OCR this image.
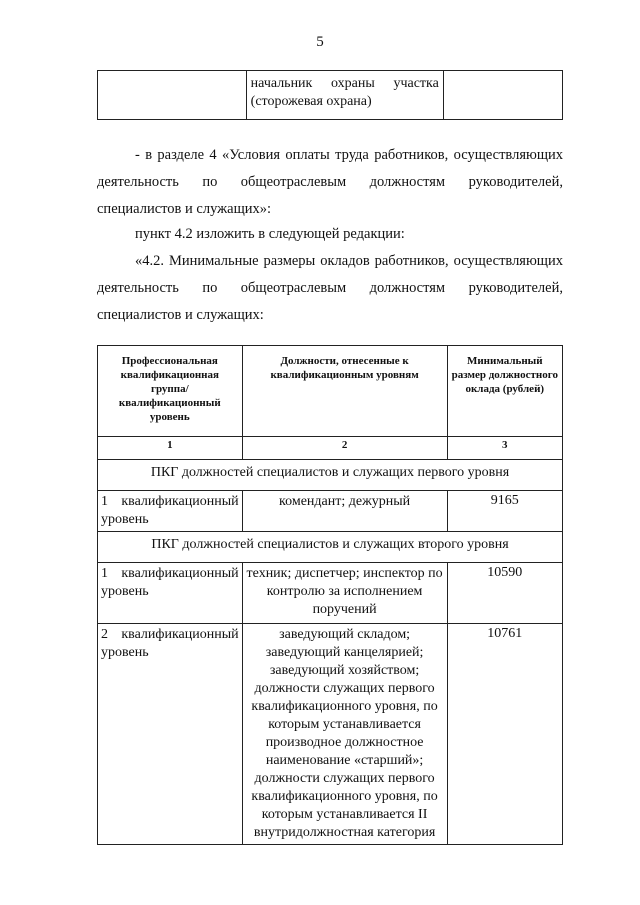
5

начальник охраны участка
(сторожевая охрана)	
- в разделе 4 «Условия оплаты труда работников, осуществляющих
деятельность по общеотраслевым должностям руководителей,
специалистов и служащих»:
пункт 4.2 изложить в следующей редакции:
«4.2. Минимальные размеры окладов работников, осуществляющих
деятельность по общеотраслевым должностям руководителей,
специалистов и служащих:
Профессиональная квалификационная группа/ квалификационный уровень	Должности, отнесенные к квалификационным уровням	Минимальный размер должностного оклада (рублей)
1	2	3
ПКГ должностей специалистов и служащих первого уровня		

1 квалификационный
уровень	комендант; дежурный	9165
ПКГ должностей специалистов и служащих второго уровня		

1 квалификационный
уровень	техник; диспетчер; инспектор по контролю за исполнением поручений	10590

2 квалификационный
уровень	заведующий складом; заведующий канцелярией; заведующий хозяйством; должности служащих первого квалификационного уровня, по которым устанавливается производное должностное наименование «старший»; должности служащих первого квалификационного уровня, по которым устанавливается II внутридолжностная категория	10761
